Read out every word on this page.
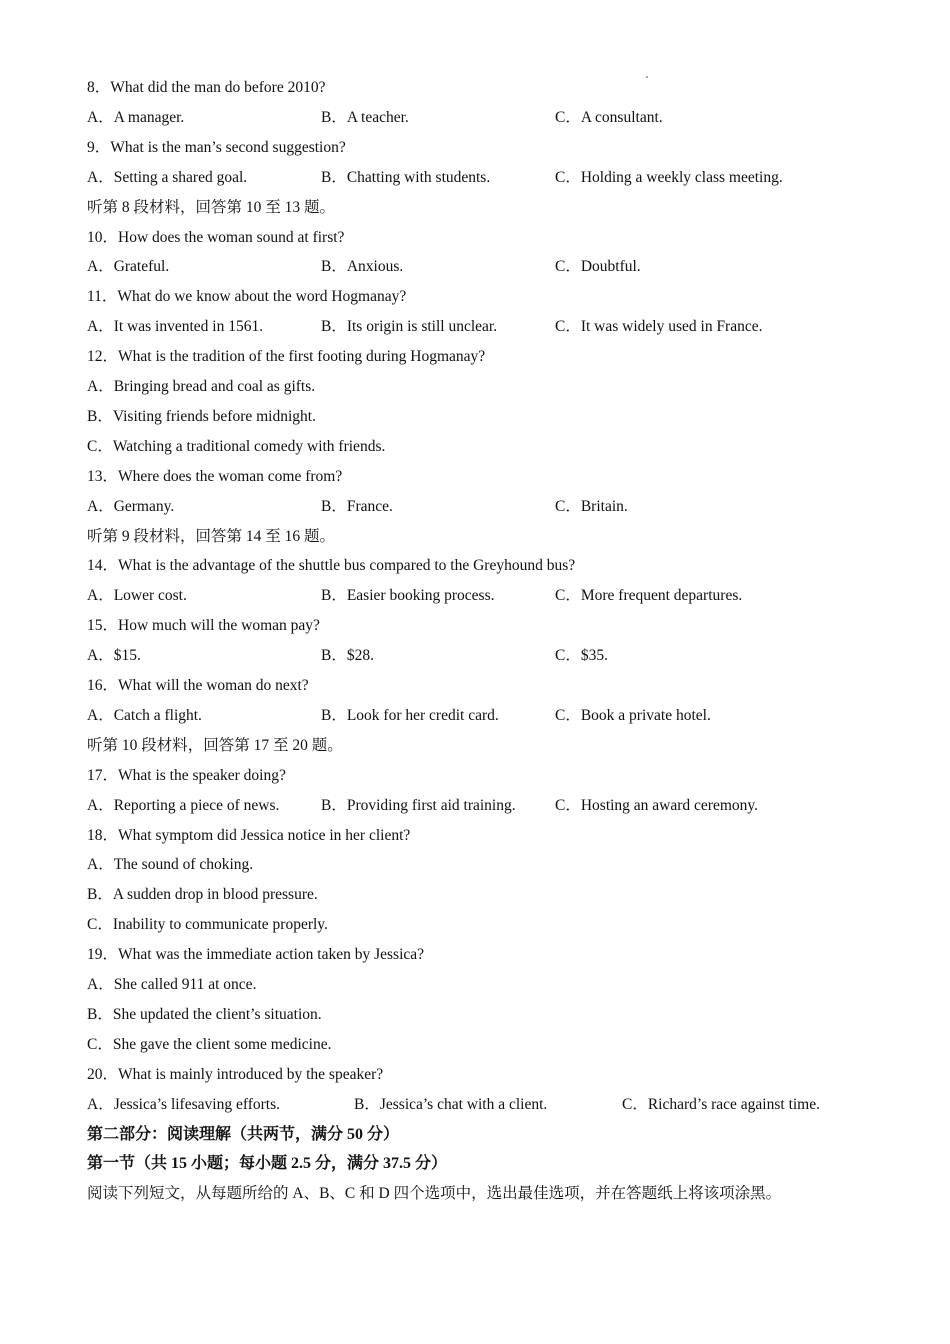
8．What did the man do before 2010?
A．A manager.	B．A teacher.	C．A consultant.
9．What is the man’s second suggestion?
A．Setting a shared goal.	B．Chatting with students.	C．Holding a weekly class meeting.
听第 8 段材料，回答第 10 至 13 题。
10．How does the woman sound at first?
A．Grateful.	B．Anxious.	C．Doubtful.
11．What do we know about the word Hogmanay?
A．It was invented in 1561.	B．Its origin is still unclear.	C．It was widely used in France.
12．What is the tradition of the first footing during Hogmanay?
A．Bringing bread and coal as gifts.
B．Visiting friends before midnight.
C．Watching a traditional comedy with friends.
13．Where does the woman come from?
A．Germany.	B．France.	C．Britain.
听第 9 段材料，回答第 14 至 16 题。
14．What is the advantage of the shuttle bus compared to the Greyhound bus?
A．Lower cost.	B．Easier booking process.	C．More frequent departures.
15．How much will the woman pay?
A．$15.	B．$28.	C．$35.
16．What will the woman do next?
A．Catch a flight.	B．Look for her credit card.	C．Book a private hotel.
听第 10 段材料，回答第 17 至 20 题。
17．What is the speaker doing?
A．Reporting a piece of news.	B．Providing first aid training.	C．Hosting an award ceremony.
18．What symptom did Jessica notice in her client?
A．The sound of choking.
B．A sudden drop in blood pressure.
C．Inability to communicate properly.
19．What was the immediate action taken by Jessica?
A．She called 911 at once.
B．She updated the client’s situation.
C．She gave the client some medicine.
20．What is mainly introduced by the speaker?
A．Jessica’s lifesaving efforts.	B．Jessica’s chat with a client.	C．Richard’s race against time.
第二部分：阅读理解（共两节，满分 50 分）
第一节（共 15 小题；每小题 2.5 分，满分 37.5 分）
阅读下列短文，从每题所给的 A、B、C 和 D 四个选项中，选出最佳选项，并在答题纸上将该项涂黑。
